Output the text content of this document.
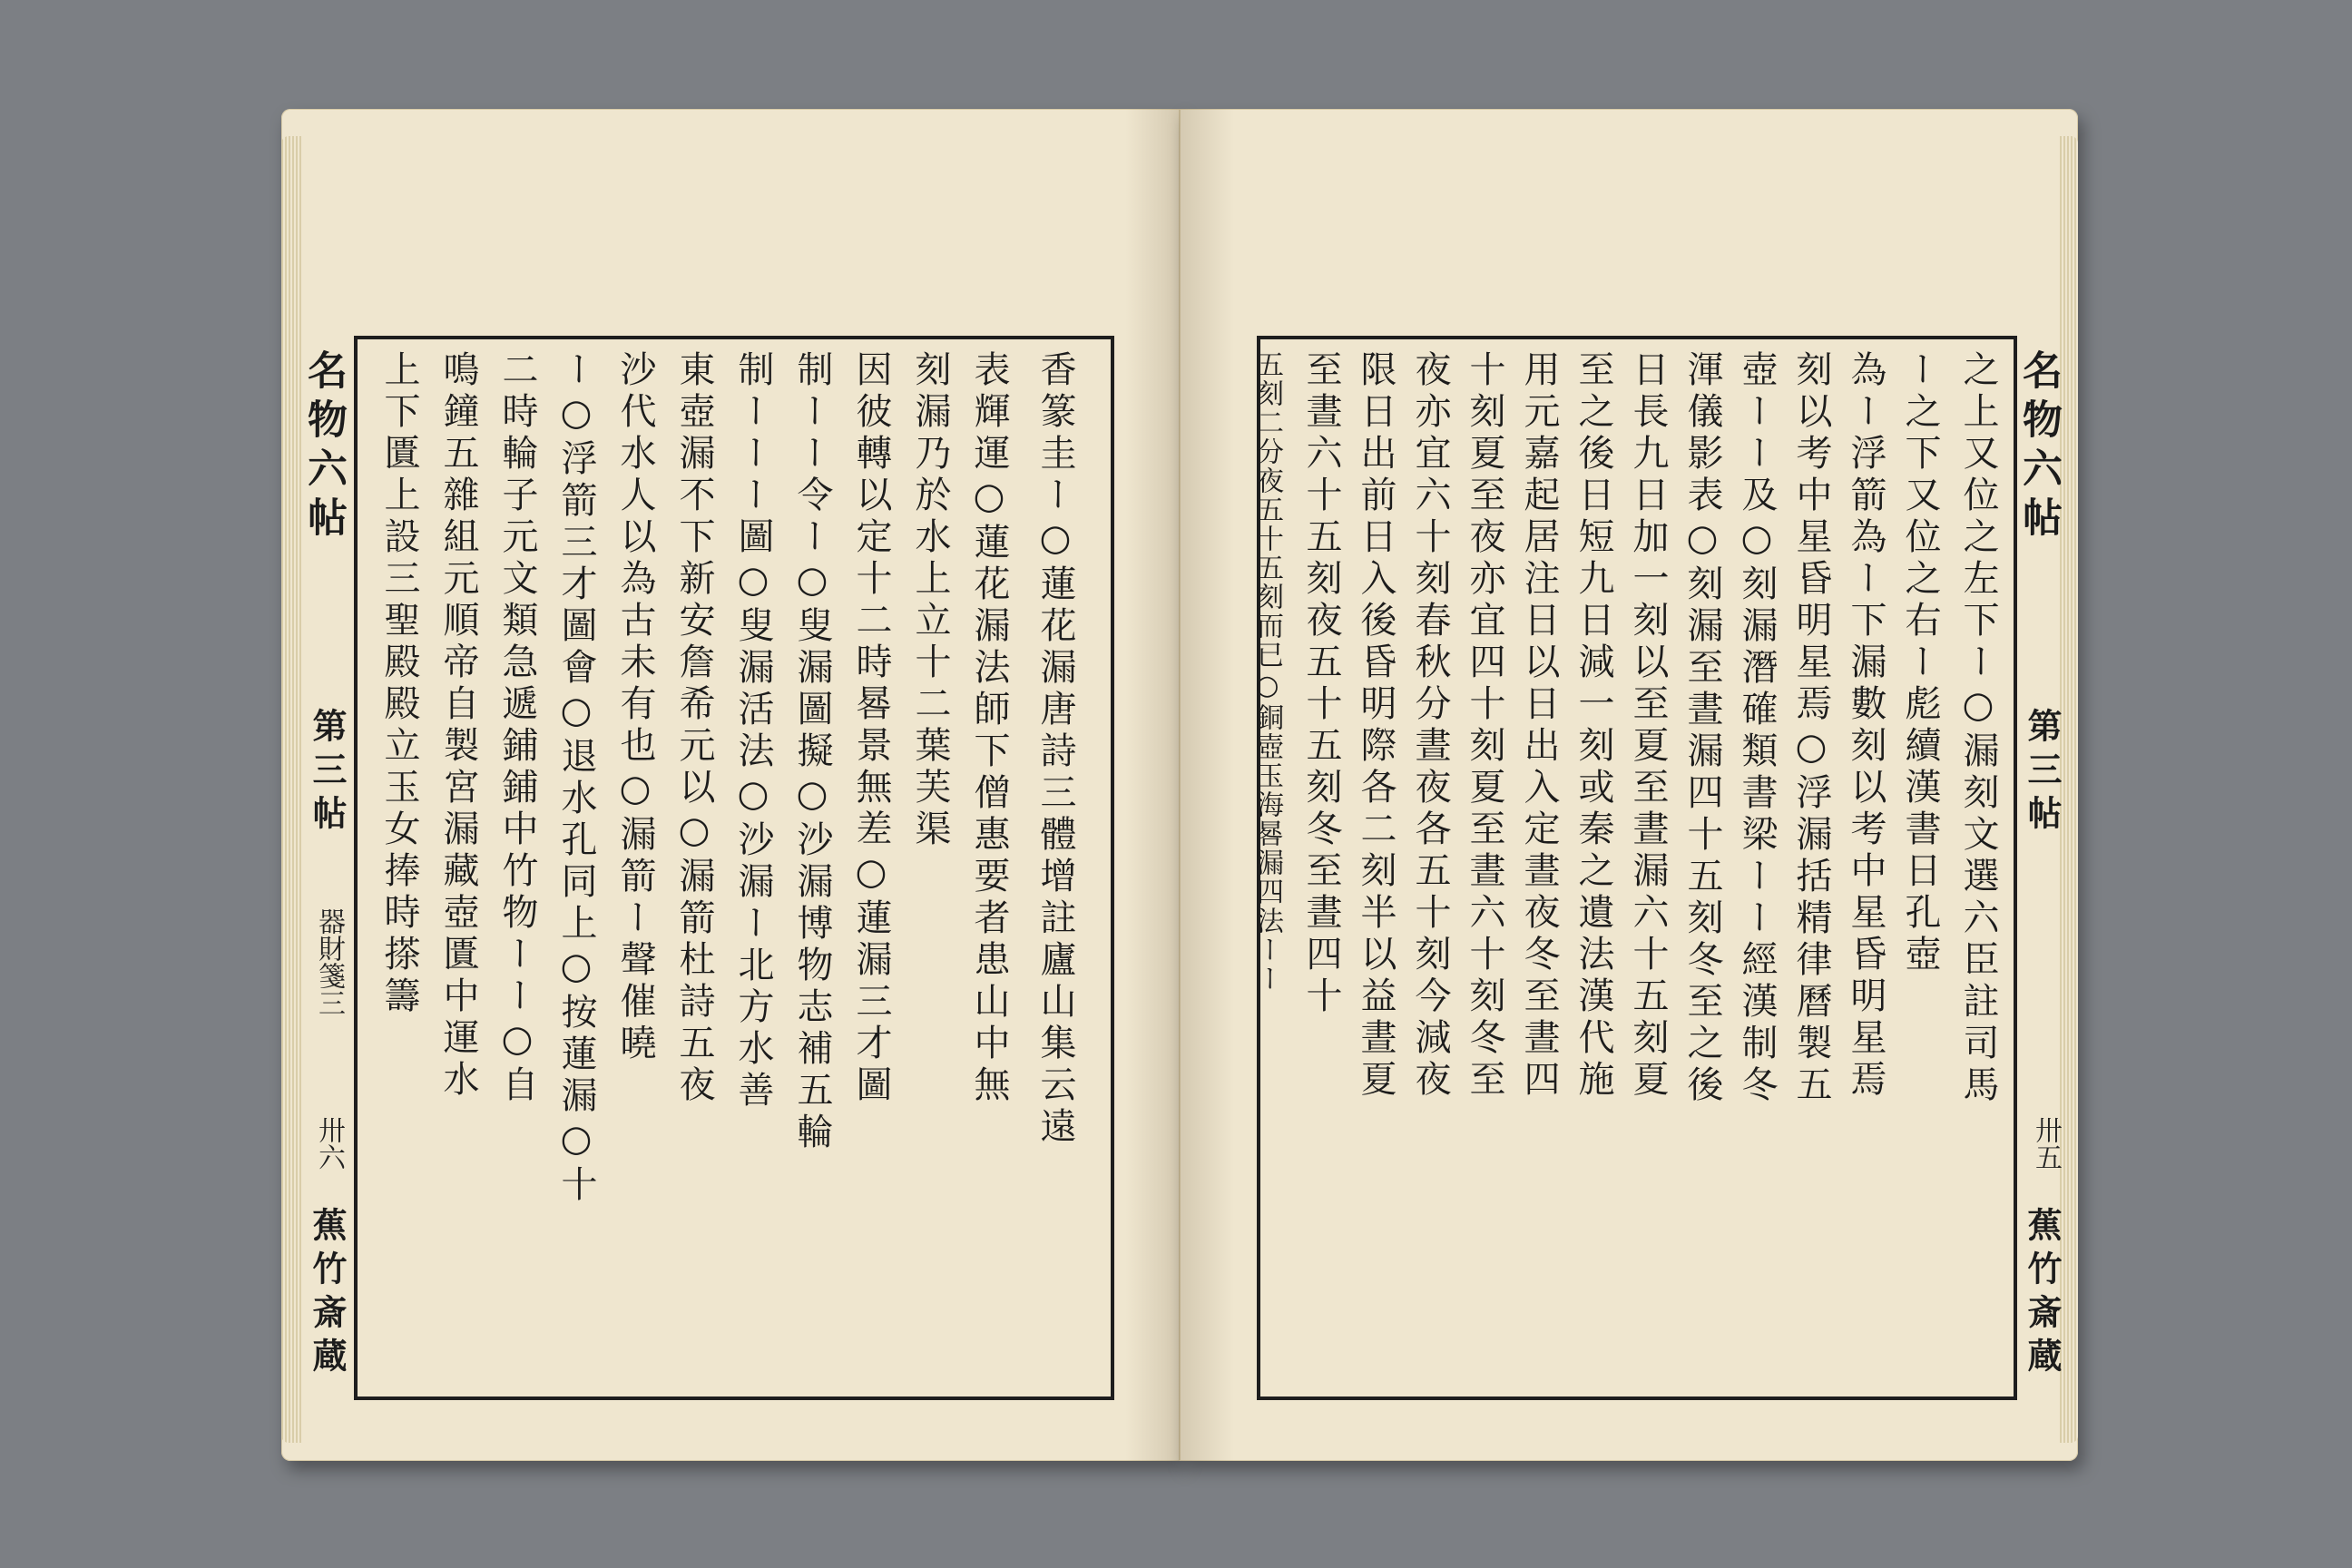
香篆圭ー○蓮花漏唐詩三體增註廬山集云遠
表輝運○蓮花漏法師下僧惠要者患山中無
刻漏乃於水上立十二葉芙渠
因彼轉以定十二時晷景無差○蓮漏三才圖
制ーー令ー○叟漏圖擬○沙漏博物志補五輪
制ーーー圖○叟漏活法○沙漏ー北方水善
東壺漏不下新安詹希元以○漏箭杜詩五夜
沙代水人以為古未有也○漏箭ー聲催曉
ー○浮箭三才圖會○退水孔同上○按蓮漏○十
二時輪子元文類急遞鋪鋪中竹物ーー○自
鳴鐘五雜組元順帝自製宮漏藏壺匱中運水
上下匱上設三聖殿殿立玉女捧時搽籌
名物六帖
第三帖
器財箋三
卅六
蕉竹斎蔵
之上又位之左下ー○漏刻文選六臣註司馬
ー之下又位之右ー彪續漢書日孔壺
為ー浮箭為ー下漏數刻以考中星昏明星焉
刻以考中星昏明星焉○浮漏括精律曆製五
壺ーー及○刻漏潛確類書梁ーー經漢制冬
渾儀影表○刻漏至晝漏四十五刻冬至之後
日長九日加一刻以至夏至晝漏六十五刻夏
至之後日短九日減一刻或秦之遺法漢代施
用元嘉起居注日以日出入定晝夜冬至晝四
十刻夏至夜亦宜四十刻夏至晝六十刻冬至
夜亦宜六十刻春秋分晝夜各五十刻今減夜
限日出前日入後昏明際各二刻半以益晝夏
至晝六十五刻夜五十五刻冬至晝四十
五刻二分夜五十五刻而已○銅壺玉海晷漏四法ーー	名物六帖
第三帖
卅五
蕉竹斎蔵
